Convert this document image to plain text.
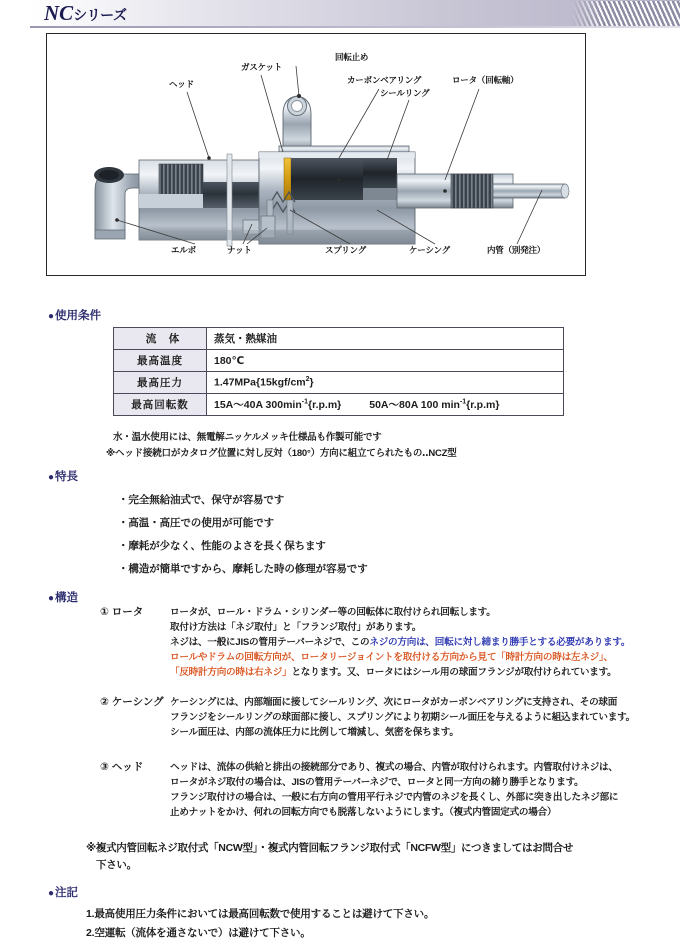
NCシリーズ
ヘッド
ガスケット
回転止め
カーボンベアリング
シールリング
ロータ（回転軸）
エルボ	ナット	スプリング	ケーシング	内管（別発注）
●使用条件
流　体	蒸気・熱媒油
最高温度	180℃
最高圧力	$1.47MPa\{15kgf/cm^2\}$
最高回転数	15A〜40A $300\min^{-1}\{r.p.m\}$ 50A〜80A 100 $\min^{-1}\{r.p.m\}$
水・温水使用には、無電解ニッケルメッキ仕様品も作製可能です
※ヘッド接続口がカタログ位置に対し反対（180°）方向に組立てられたもの‥NCZ型
●特長
・完全無給油式で、保守が容易です
・高温・高圧での使用が可能です
・摩耗が少なく、性能のよさを長く保ちます
・構造が簡単ですから、摩耗した時の修理が容易です
●構造
① ロータ	ロータが、ロール・ドラム・シリンダー等の回転体に取付けられ回転します。
取付け方法は「ネジ取付」と「フランジ取付」があります。
ネジは、一般にJISの管用テーパーネジで、このネジの方向は、回転に対し締まり勝手とする必要があります。
ロールやドラムの回転方向が、ロータリージョイントを取付ける方向から見て「時計方向の時は左ネジ」、
「反時計方向の時は右ネジ」となります。又、ロータにはシール用の球面フランジが取付けられています。
② ケーシング ケーシングには、内部端面に接してシールリング、次にロータがカーボンベアリングに支持され、その球面
フランジをシールリングの球面部に接し、スプリングにより初期シール面圧を与えるように組込まれています。
シール面圧は、内部の流体圧力に比例して増減し、気密を保ちます。
③ ヘッド	ヘッドは、流体の供給と排出の接続部分であり、複式の場合、内管が取付けられます。内管取付けネジは、
ロータがネジ取付の場合は、JISの管用テーパーネジで、ロータと同一方向の締り勝手となります。
フランジ取付けの場合は、一般に右方向の管用平行ネジで内管のネジを長くし、外部に突き出したネジ部に
止めナットをかけ、何れの回転方向でも脱落しないようにします。（複式内管固定式の場合）
※複式内管回転ネジ取付式「NCW型」・複式内管回転フランジ取付式「NCFW型」につきましてはお問合せ
下さい。
●注記
1.最高使用圧力条件においては最高回転数で使用することは避けて下さい。
2.空運転（流体を通さないで）は避けて下さい。
